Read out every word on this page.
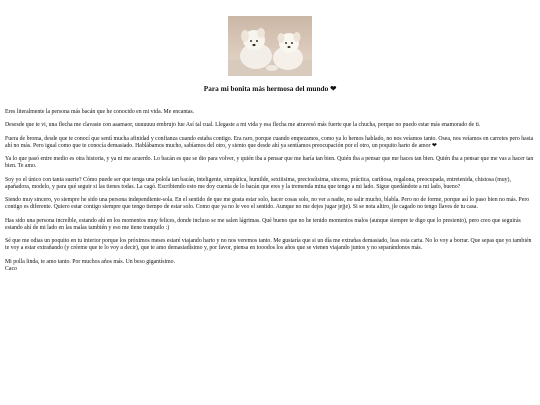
Para mi bonita más hermosa del mundo ❤

Eres literalmente la persona más bacán que he conocido en mi vida. Me encantas.

Desesde que te vi, una flecha me clavaste con aaamaor, uuuuuuu embrujo fue Así tal cual. Llegaste a mi vida y esa flecha me atravesó más fuerte que la chucha, porque no puedo estar más enamorado de ti.

Fuera de broma, desde que te conocí que sentí mucha afinidad y confianza cuando estaba contigo. Era raro, porque cuando empezamos, como ya lo hemos hablado, no nos veíamos tanto. Osea, nos veíamos en carretes pero hasta ahí no más. Pero igual como que te conocía demasiado. Hablábamos mucho, sabíamos del otro, y siento que desde ahí ya sentíamos preocupación por el otro, un poquito harto de amor ❤

Ya lo que pasó entre medio es otra historia, y ya ni me acuerdo. Lo bacán es que se dio para volver, y quién iba a pensar que me haría tan bien. Quién iba a pensar que me haces tan bien. Quién iba a pensar que me vas a hacer tan bien. Te amo.

Soy yo el único con tanta suerte? Cómo puede ser que tenga una polola tan bacán, inteligente, simpática, humilde, sexiiisima, preciosíisima, sincera, práctica, cariñosa, regalona, preocupada, entretenida, chistosa (muy), apañadora, modelo, y para qué seguir si las tienes todas. La cagó. Escribiendo esto me doy cuenta de lo bacán que eres y la tremenda mina que tengo a mi lado. Sigue quedándote a mi lado, bueno?

Siendo muy sincero, yo siempre he sido una persona independiente-sola. En el sentido de que me gusta estar solo, hacer cosas solo, no ver a nadie, no salir mucho, blabla. Pero no de forme, porque así lo paso bien no más. Pero contigo es diferente. Quiero estar contigo siempre que tengo tiempo de estar solo. Como que ya no le veo el sentido. Aunque no me dejes jugar jejje). Si se nota altiro, jle cagado no tengo llaves de tu casa.

Has sido una persona increíble, estando ahí en los momentos muy felices, donde incluso se me salen lágrimas. Qué bueno que no he tenido momentos malos (aunque siempre te digo que lo presiento), pero creo que seguirás estando ahí de mi lado en las malas también y eso me tiene tranquilo :)

Sé que me odias un poquito en tu interior porque los próximos meses estaré viajando harto y no nos veremos tanto. Me gustaría que si un día me extrañas demasiado, leas esta carta. No lo voy a borrar. Que sepas que yo también te voy a estar extrañando (y créeme que te lo voy a decir), que te amo demasiadísimo y, por favor, piensa en tooodos los años que se vienen viajando juntos y no separándonos más.

Mi polla linda, te amo tanto. Por muchos años más. Un beso gigantísimo.
Caco
